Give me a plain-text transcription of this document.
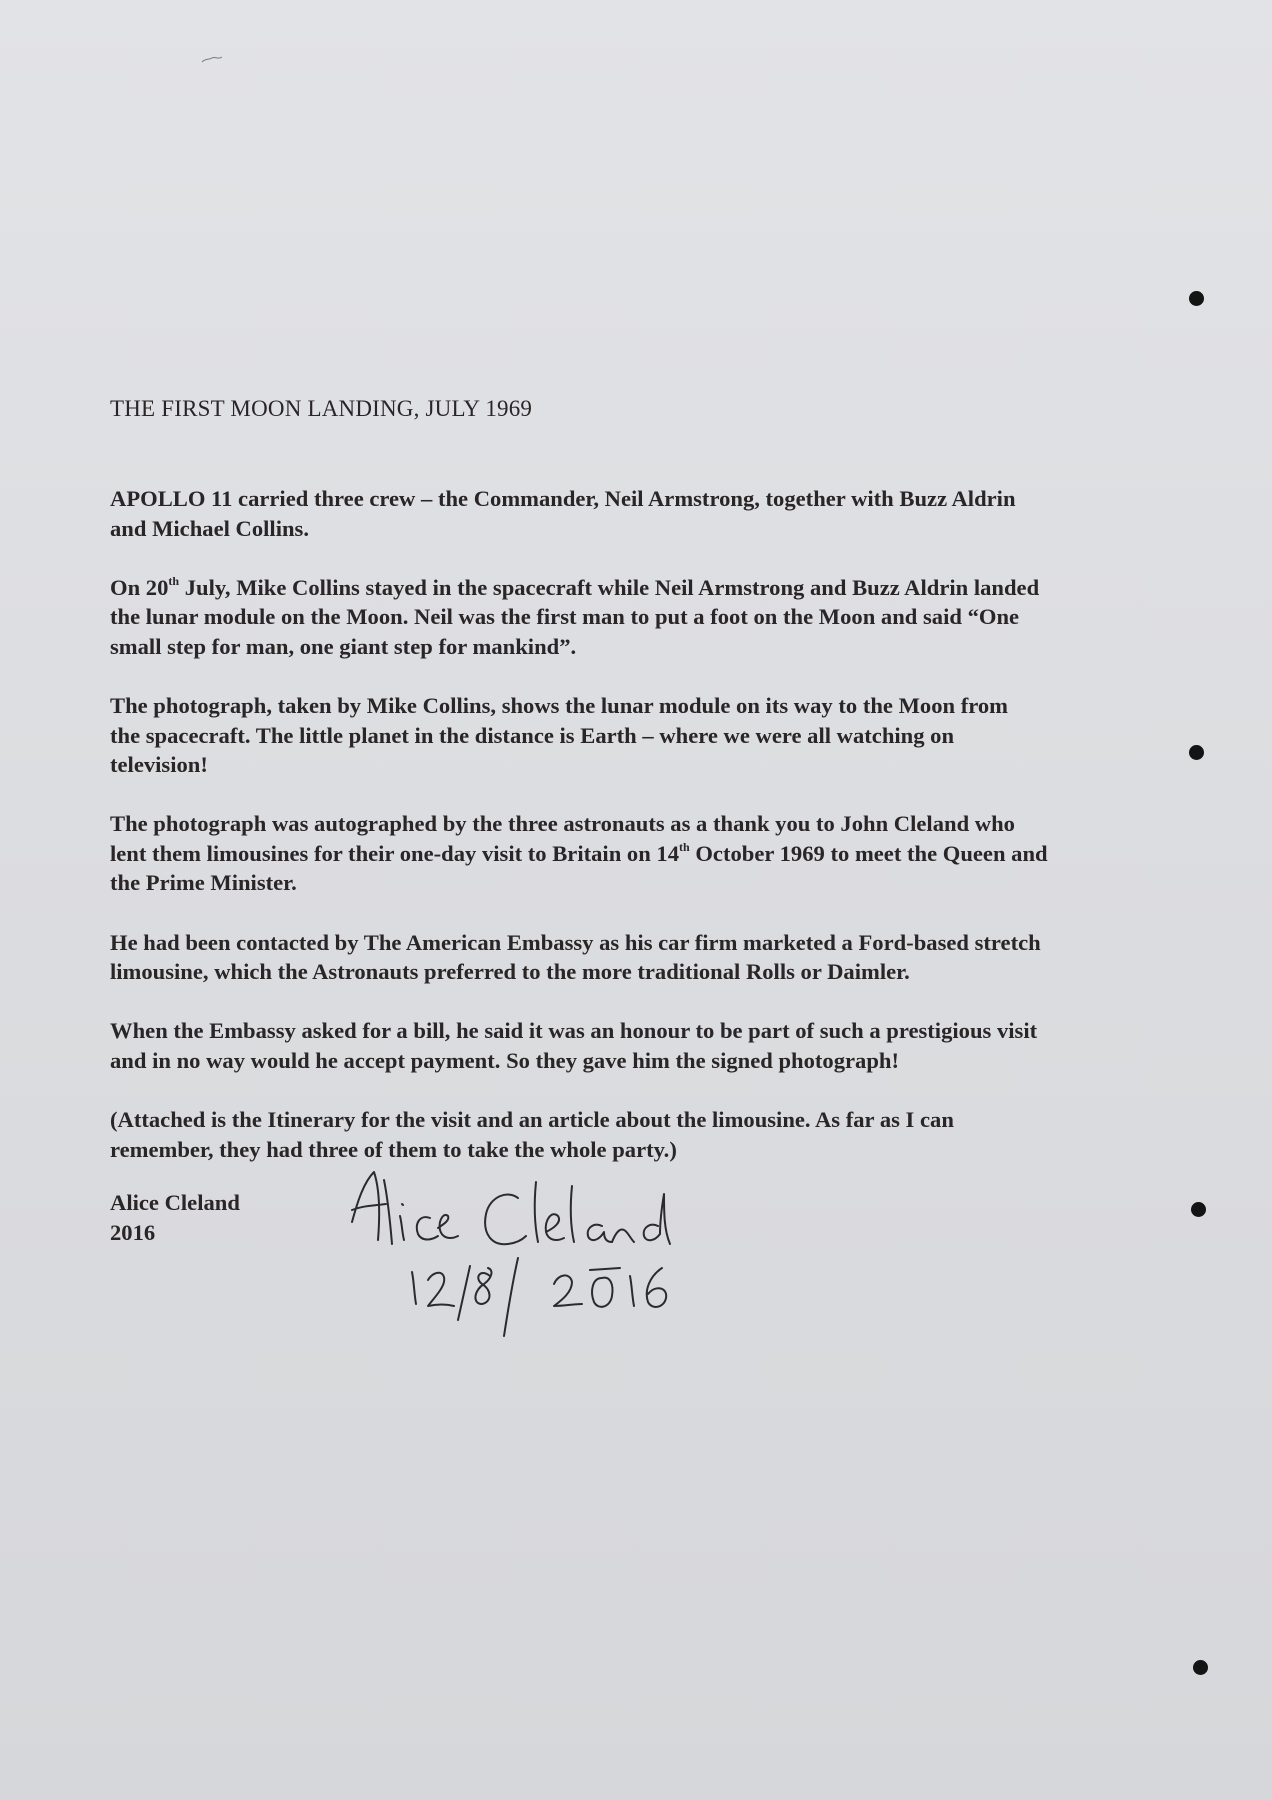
THE FIRST MOON LANDING, JULY 1969

APOLLO 11 carried three crew – the Commander, Neil Armstrong, together with Buzz Aldrin
and Michael Collins.

On 20th July, Mike Collins stayed in the spacecraft while Neil Armstrong and Buzz Aldrin landed
the lunar module on the Moon. Neil was the first man to put a foot on the Moon and said “One
small step for man, one giant step for mankind”.

The photograph, taken by Mike Collins, shows the lunar module on its way to the Moon from
the spacecraft. The little planet in the distance is Earth – where we were all watching on
television!

The photograph was autographed by the three astronauts as a thank you to John Cleland who
lent them limousines for their one-day visit to Britain on 14th October 1969 to meet the Queen and
the Prime Minister.

He had been contacted by The American Embassy as his car firm marketed a Ford-based stretch
limousine, which the Astronauts preferred to the more traditional Rolls or Daimler.

When the Embassy asked for a bill, he said it was an honour to be part of such a prestigious visit
and in no way would he accept payment. So they gave him the signed photograph!

(Attached is the Itinerary for the visit and an article about the limousine. As far as I can
remember, they had three of them to take the whole party.)

Alice Cleland
2016
